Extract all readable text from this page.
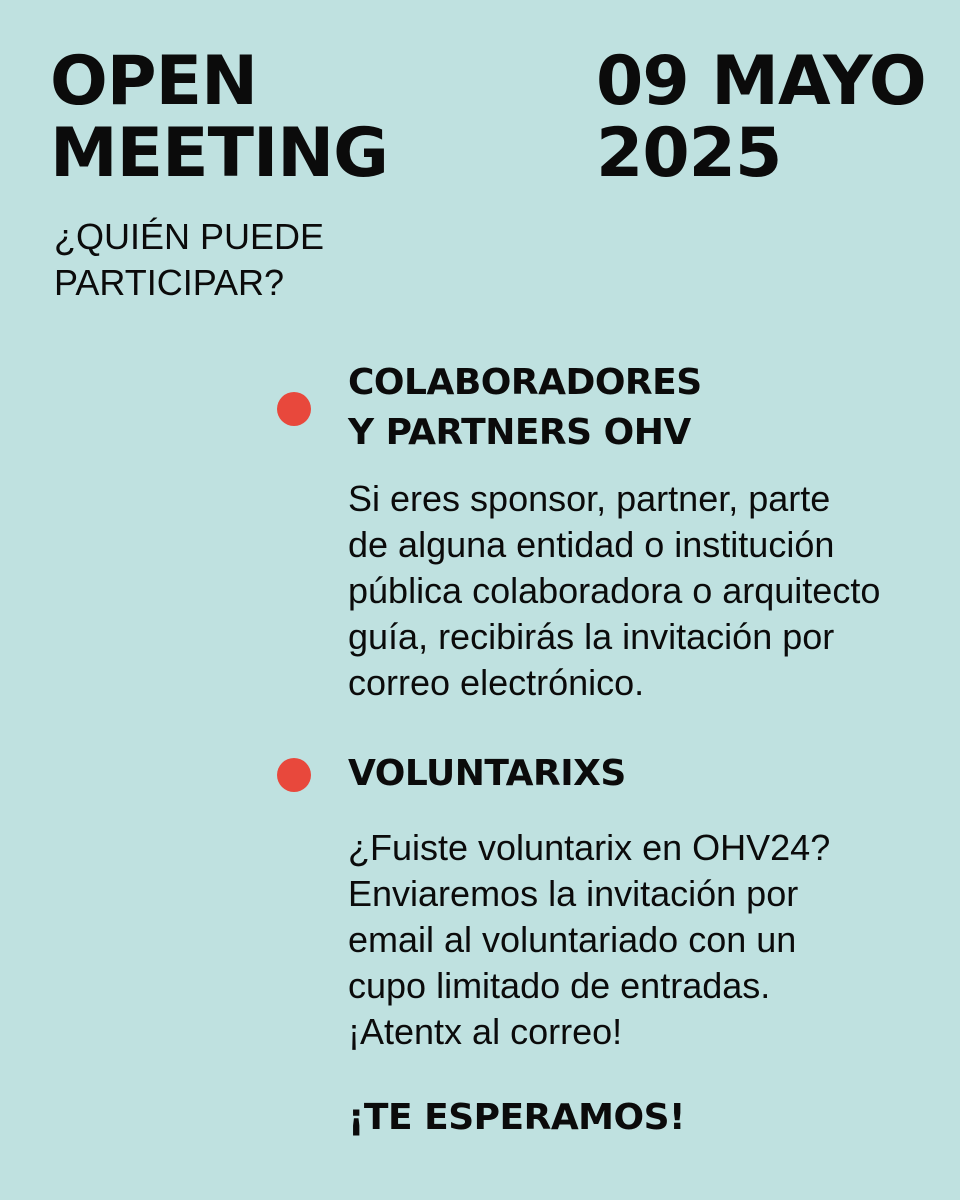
OPEN
MEETING
09 MAYO
2025

¿QUIÉN PUEDE
PARTICIPAR?

COLABORADORES
Y PARTNERS OHV

Si eres sponsor, partner, parte
de alguna entidad o institución
pública colaboradora o arquitecto
guía, recibirás la invitación por
correo electrónico.

VOLUNTARIXS

¿Fuiste voluntarix en OHV24?
Enviaremos la invitación por
email al voluntariado con un
cupo limitado de entradas.
¡Atentx al correo!

¡TE ESPERAMOS!
